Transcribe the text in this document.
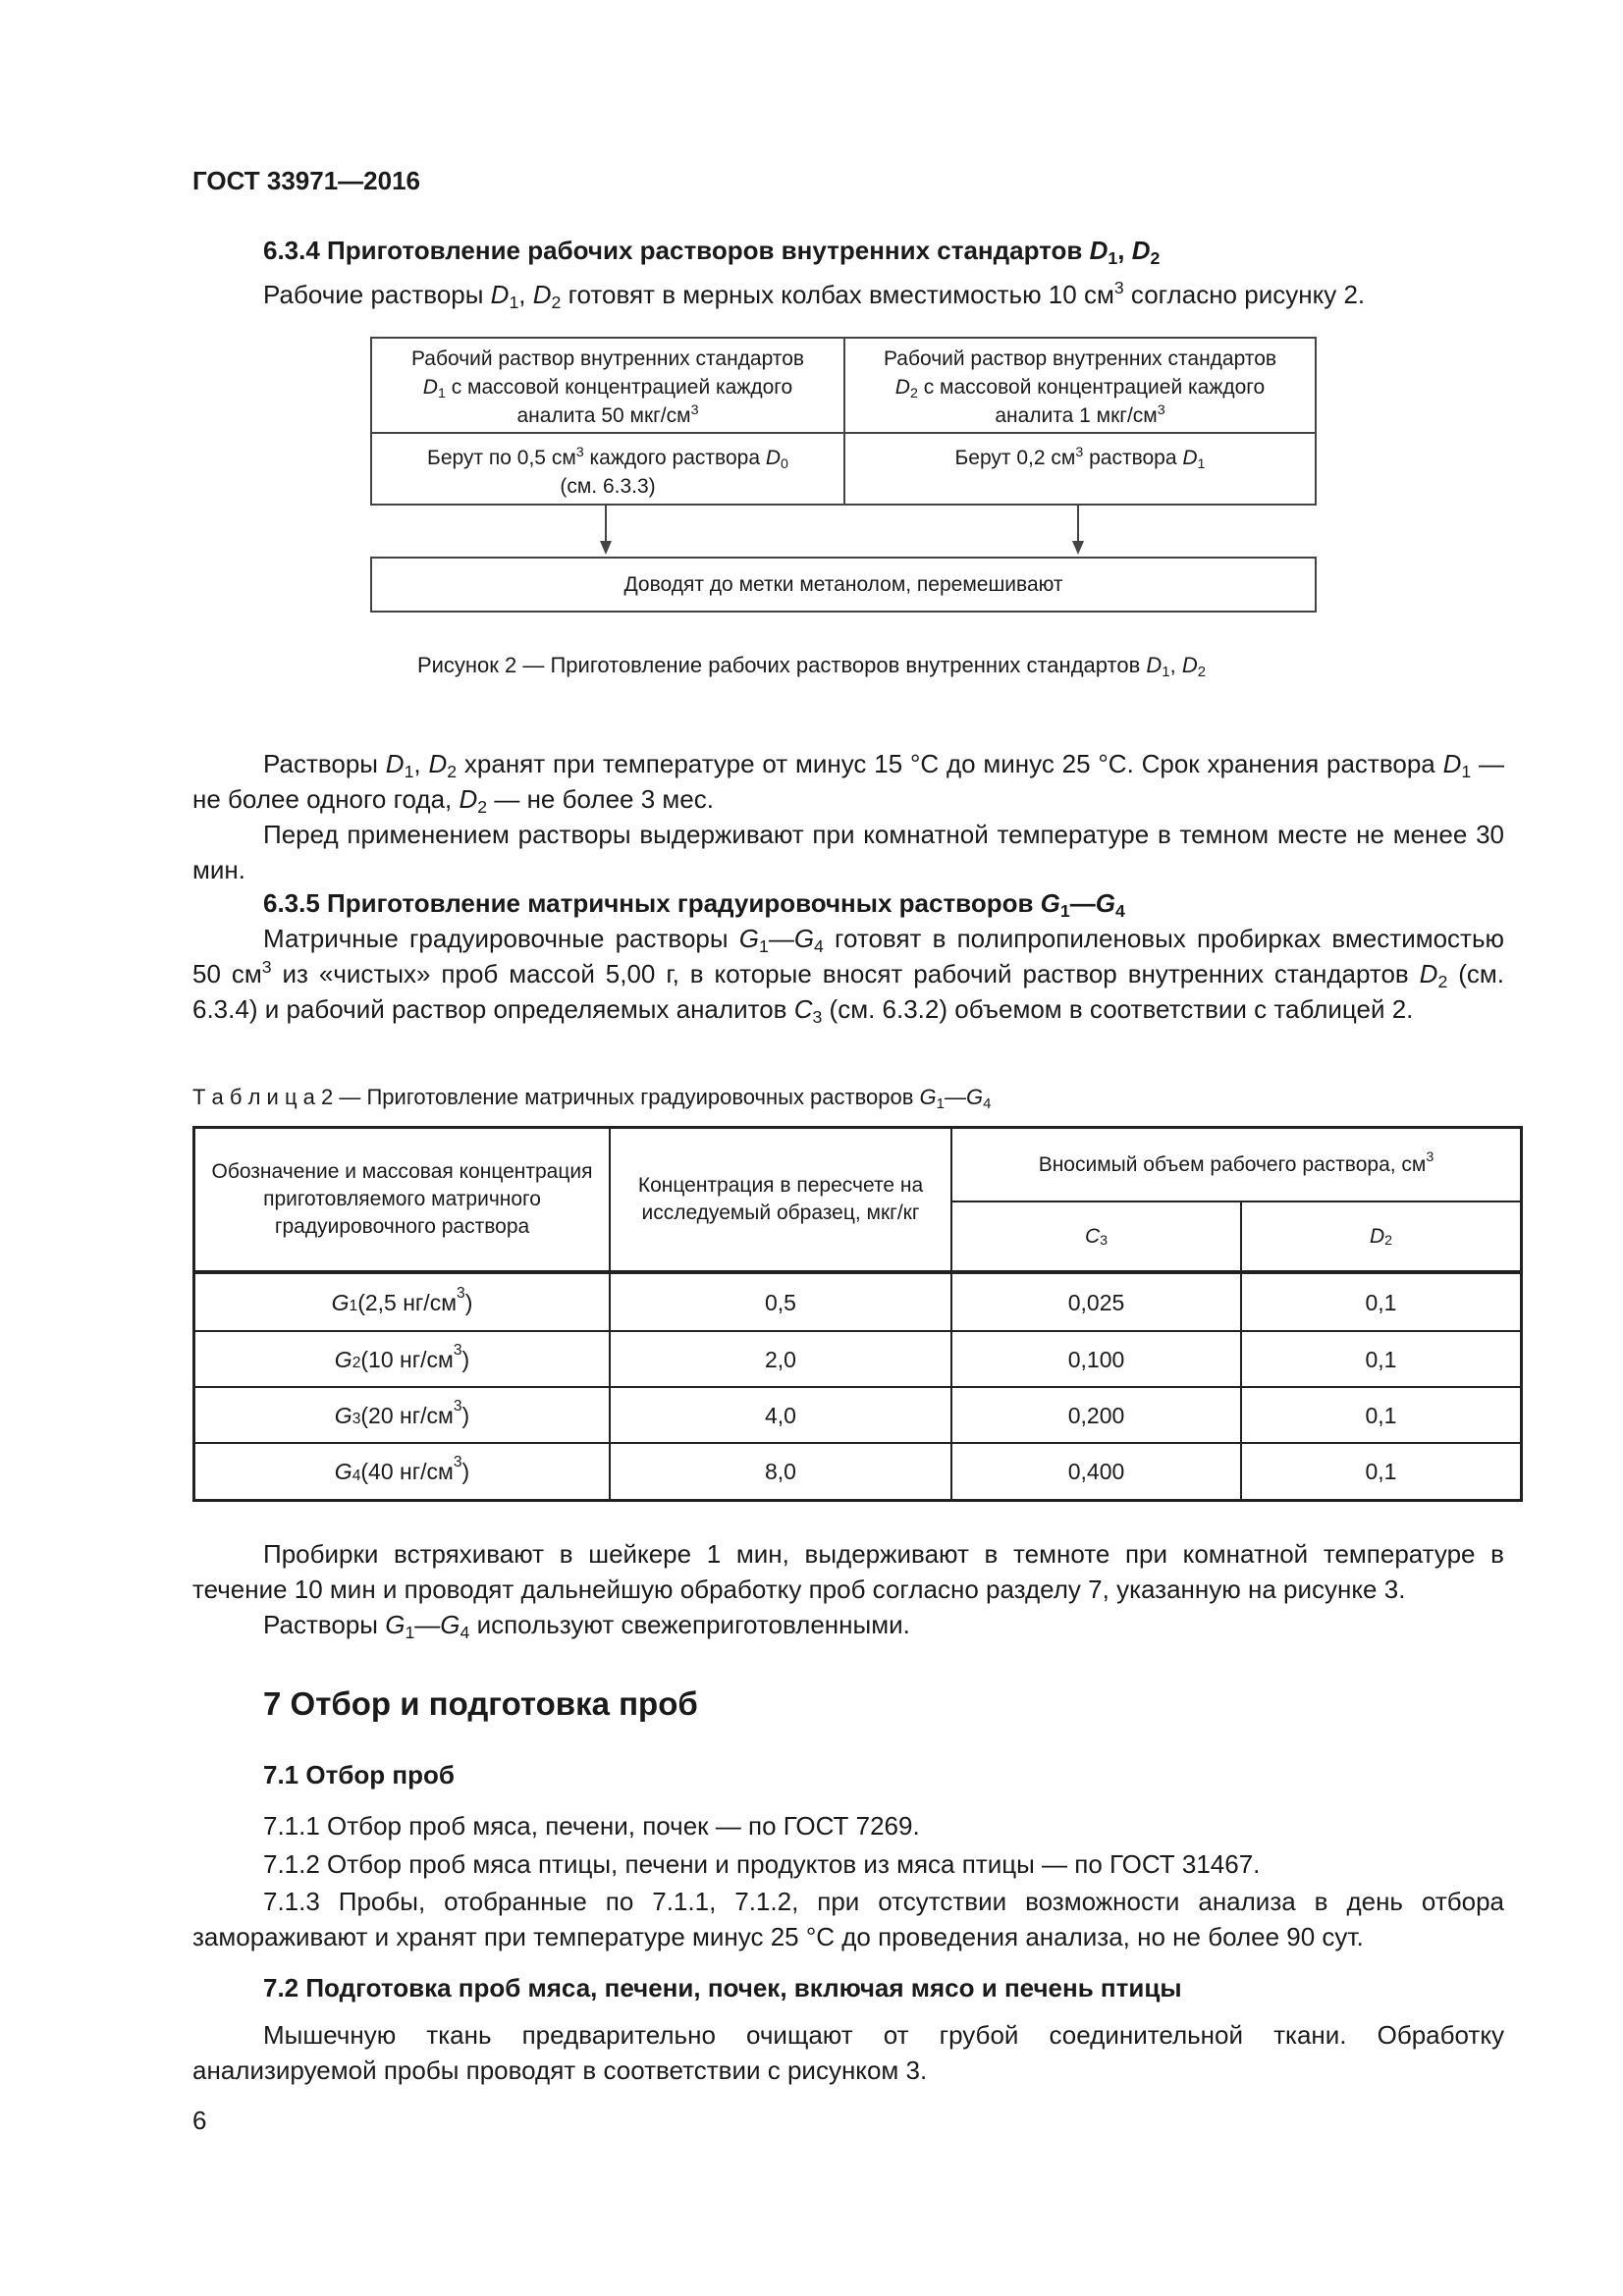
ГОСТ 33971—2016
6.3.4 Приготовление рабочих растворов внутренних стандартов $D_1$, $D_2$
Рабочие растворы $D_1$, $D_2$ готовят в мерных колбах вместимостью 10 $см^3$ согласно рисунку 2.
Рабочий раствор внутренних стандартов
$D_1$ с массовой концентрацией каждого
аналита 50 мкг/$см^3$
Рабочий раствор внутренних стандартов
$D_2$ с массовой концентрацией каждого
аналита 1 мкг/$см^3$
Берут по 0,5 $см^3$ каждого раствора $D_0$
(см. 6.3.3)
Берут 0,2 $см^3$ раствора $D_1$
Доводят до метки метанолом, перемешивают
Рисунок 2 — Приготовление рабочих растворов внутренних стандартов $D_1$, $D_2$
Растворы $D_1$, $D_2$ хранят при температуре от минус 15 °С до минус 25 °С. Срок хранения раствора $D_1$ — не более одного года, $D_2$ — не более 3 мес.
Перед применением растворы выдерживают при комнатной температуре в темном месте не менее 30 мин.
6.3.5 Приготовление матричных градуировочных растворов $G_1—G_4$
Матричные градуировочные растворы $G_1—G_4$ готовят в полипропиленовых пробирках вместимостью 50 $см^3$ из «чистых» проб массой 5,00 г, в которые вносят рабочий раствор внутренних стандартов $D_2$ (см. 6.3.4) и рабочий раствор определяемых аналитов $C_3$ (см. 6.3.2) объемом в соответствии с таблицей 2.
Т а б л и ц а 2 — Приготовление матричных градуировочных растворов $G_1—G_4$
Обозначение и массовая концентрация приготовляемого матричного градуировочного раствора
Концентрация в пересчете на исследуемый образец, мкг/кг
Вносимый объем рабочего раствора, $см^3$
$C_3$	$D_2$
$G_1$ (2,5 $нг/см^3$ )	0,5	0,025	0,1
$G_2$ (10 $нг/см^3$ )	2,0	0,100	0,1
$G_3$ (20 $нг/см^3$ )	4,0	0,200	0,1
$G_4$ (40 $нг/см^3$ )	8,0	0,400	0,1
Пробирки встряхивают в шейкере 1 мин, выдерживают в темноте при комнатной температуре в течение 10 мин и проводят дальнейшую обработку проб согласно разделу 7, указанную на рисунке 3.
Растворы $G_1—G_4$ используют свежеприготовленными.
7 Отбор и подготовка проб
7.1 Отбор проб
7.1.1 Отбор проб мяса, печени, почек — по ГОСТ 7269.
7.1.2 Отбор проб мяса птицы, печени и продуктов из мяса птицы — по ГОСТ 31467.
7.1.3 Пробы, отобранные по 7.1.1, 7.1.2, при отсутствии возможности анализа в день отбора замораживают и хранят при температуре минус 25 °С до проведения анализа, но не более 90 сут.
7.2 Подготовка проб мяса, печени, почек, включая мясо и печень птицы
Мышечную ткань предварительно очищают от грубой соединительной ткани. Обработку анализируемой пробы проводят в соответствии с рисунком 3.
6
